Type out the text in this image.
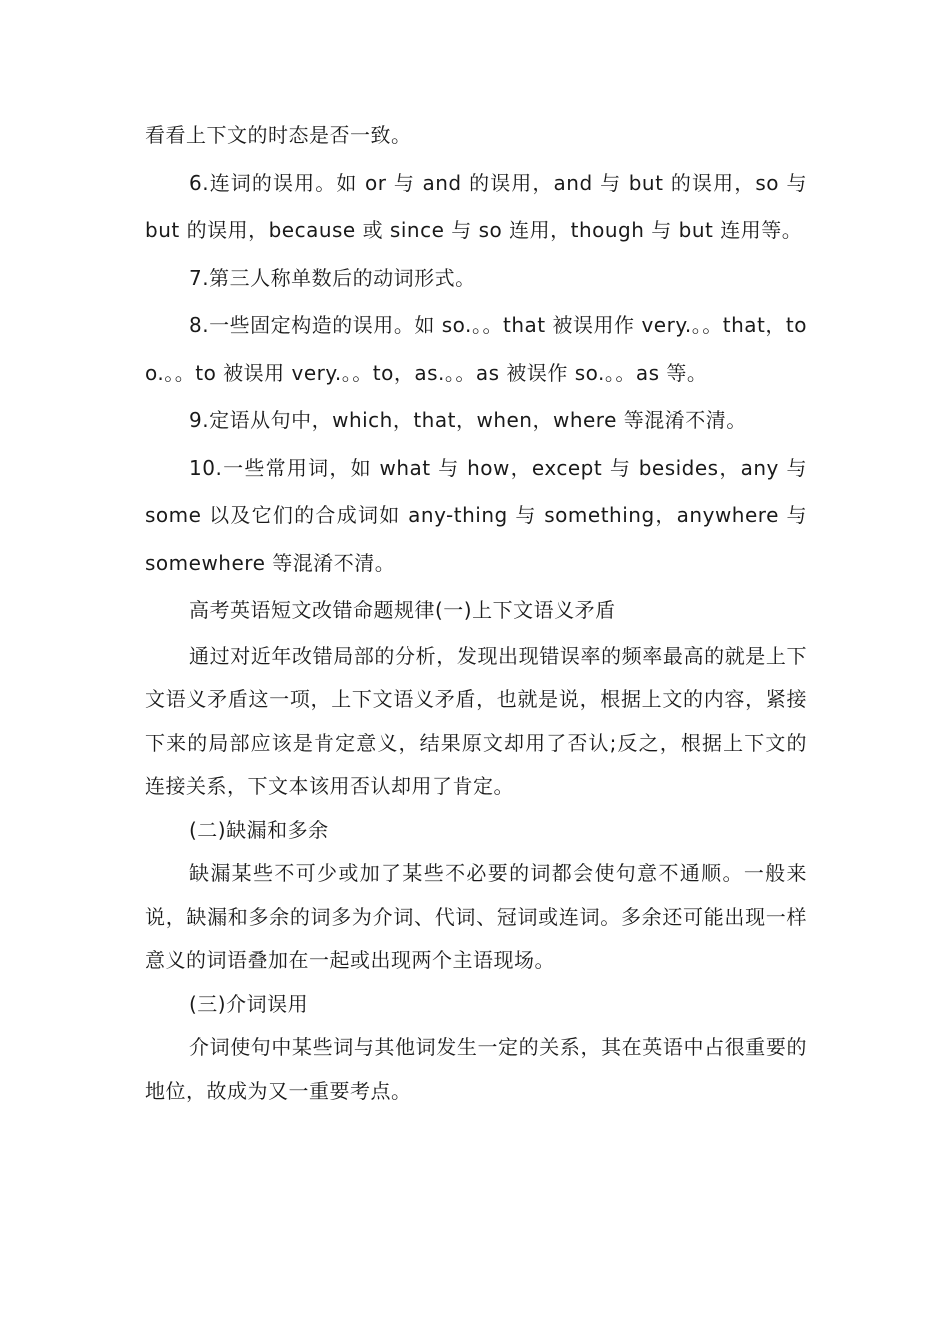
看看上下文的时态是否一致。

6.连词的误用。如 or 与 and 的误用，and 与 but 的误用，so 与 but 的误用，because 或 since 与 so 连用，though 与 but 连用等。

7.第三人称单数后的动词形式。

8.一些固定构造的误用。如 so.。。that 被误用作 very.。。that，too.。。to 被误用 very.。。to，as.。。as 被误作 so.。。as 等。

9.定语从句中，which，that，when，where 等混淆不清。

10.一些常用词，如 what 与 how，except 与 besides，any 与 some 以及它们的合成词如 any-thing 与 something，anywhere 与 somewhere 等混淆不清。

高考英语短文改错命题规律(一)上下文语义矛盾

通过对近年改错局部的分析，发现出现错误率的频率最高的就是上下文语义矛盾这一项，上下文语义矛盾，也就是说，根据上文的内容，紧接下来的局部应该是肯定意义，结果原文却用了否认;反之，根据上下文的连接关系，下文本该用否认却用了肯定。

(二)缺漏和多余

缺漏某些不可少或加了某些不必要的词都会使句意不通顺。一般来说，缺漏和多余的词多为介词、代词、冠词或连词。多余还可能出现一样意义的词语叠加在一起或出现两个主语现场。

(三)介词误用

介词使句中某些词与其他词发生一定的关系，其在英语中占很重要的地位，故成为又一重要考点。
